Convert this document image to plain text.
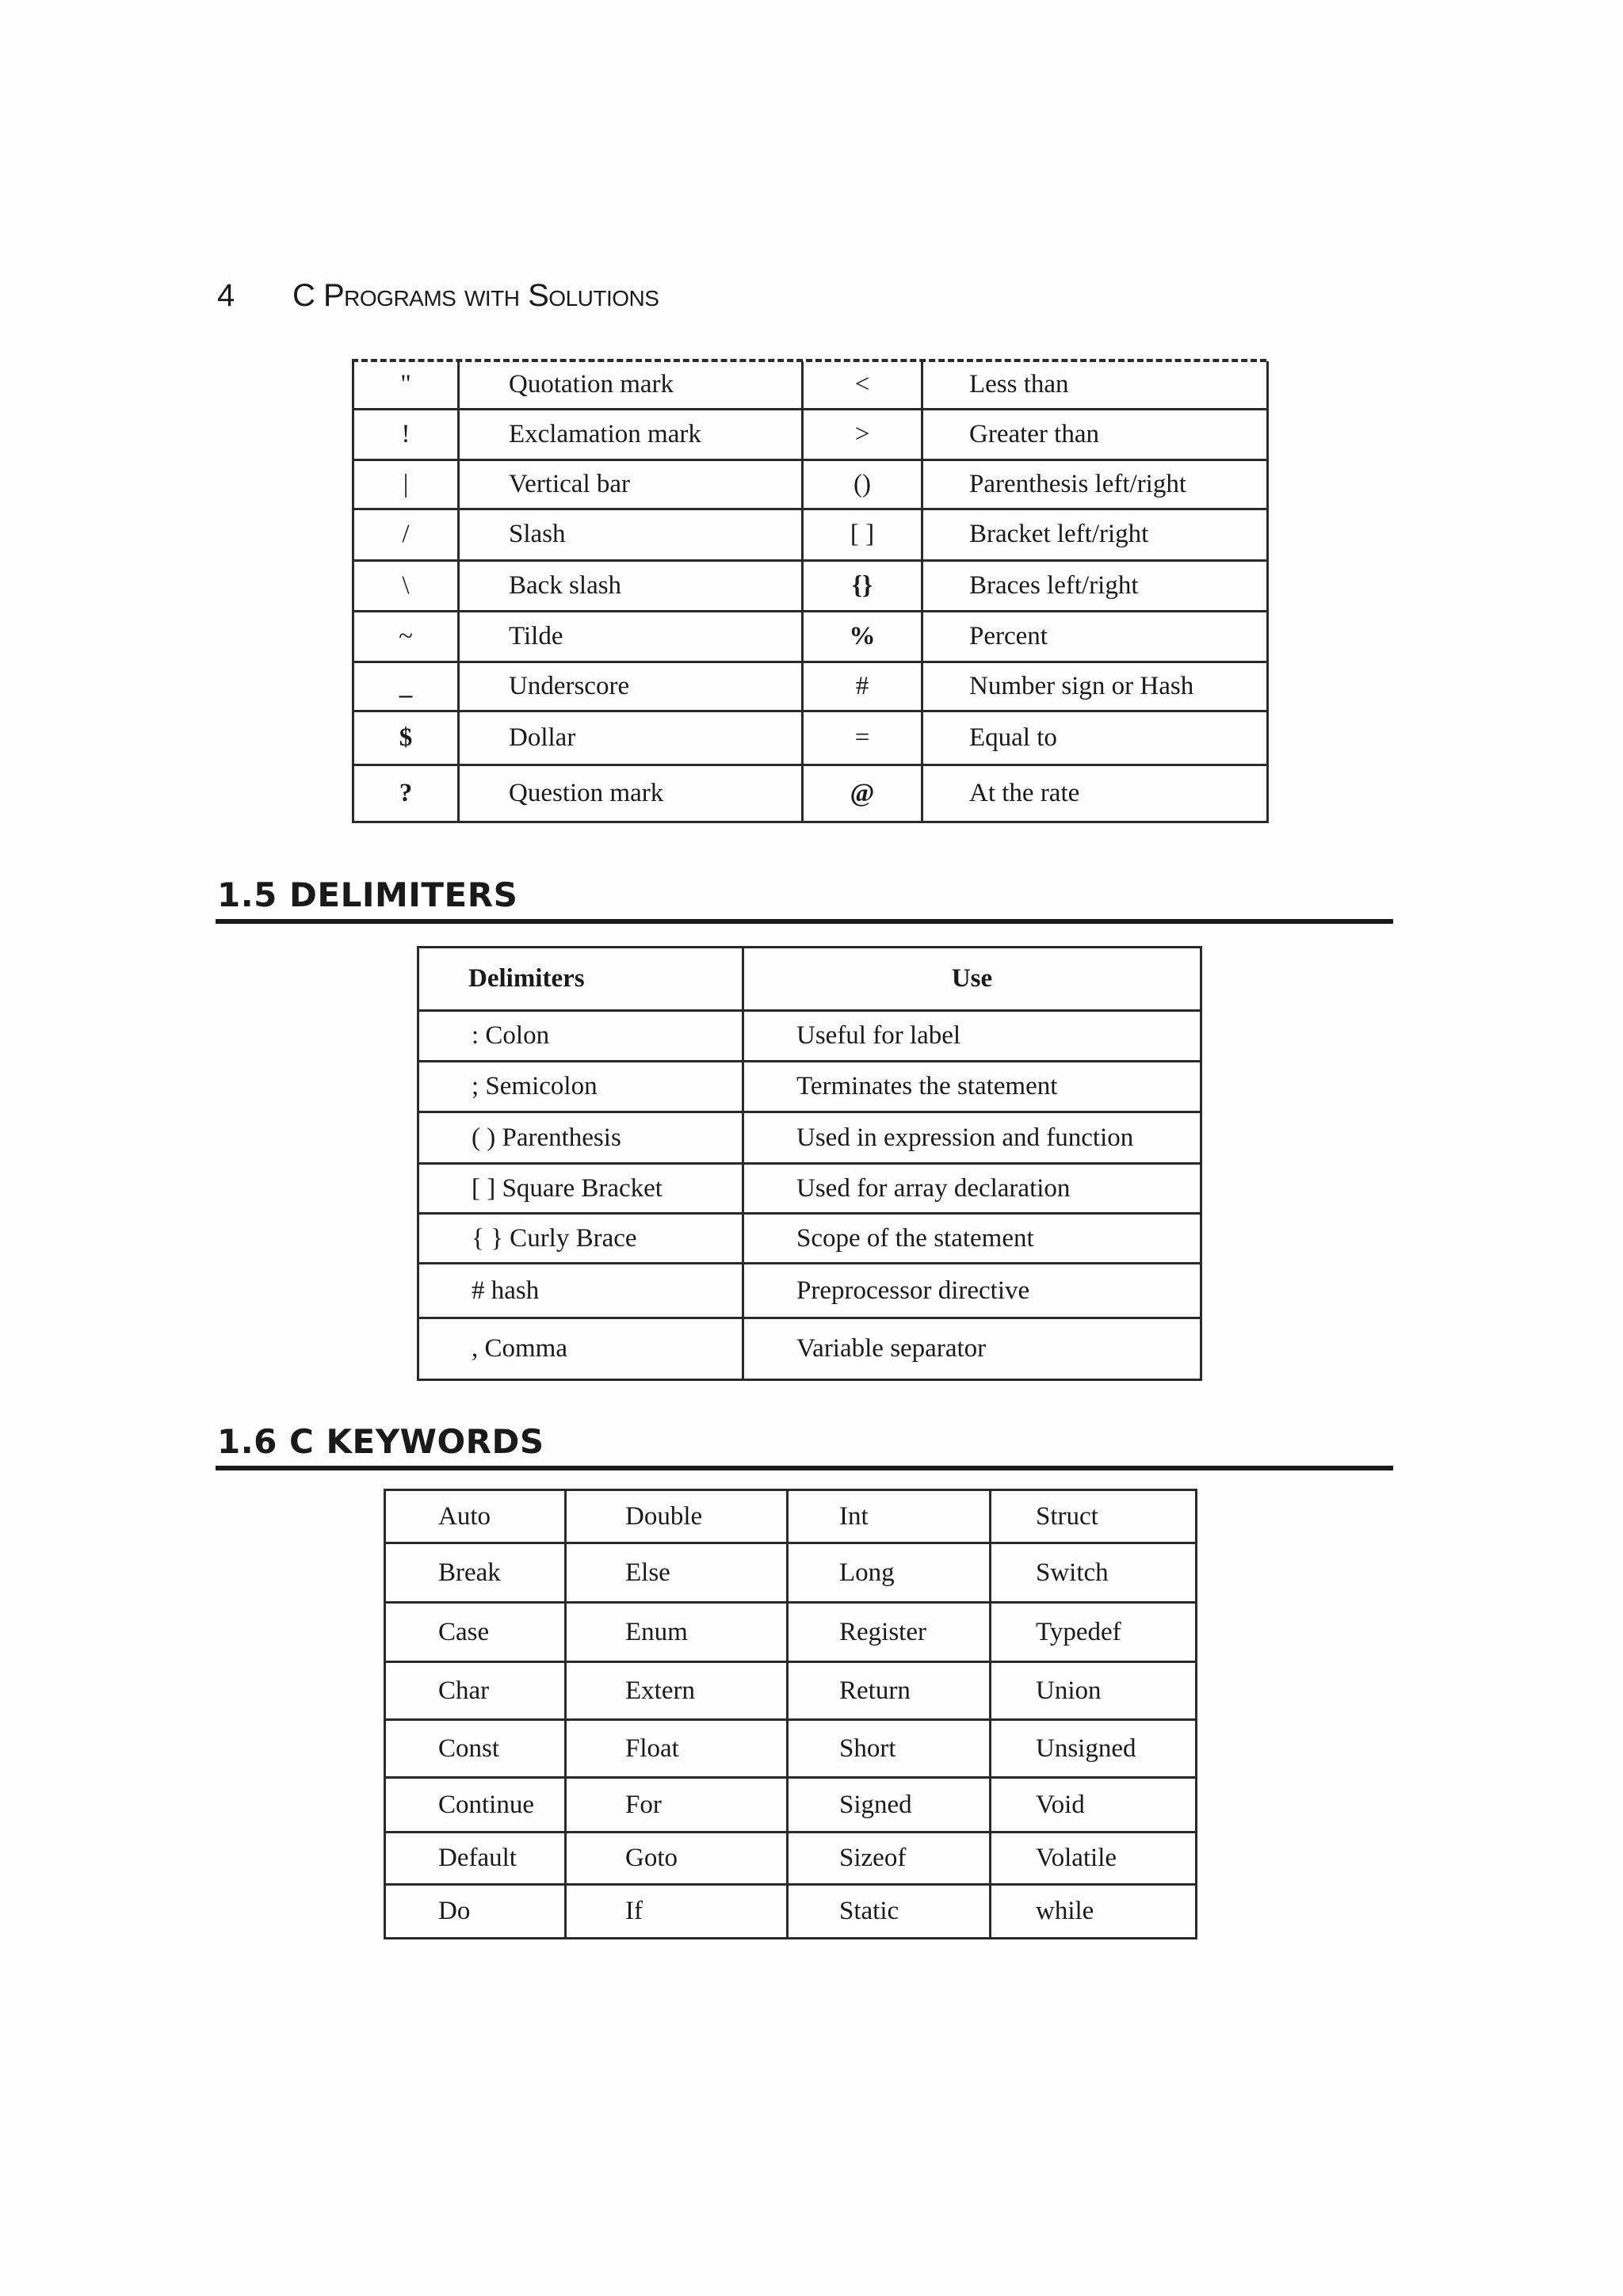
4 C Programs with Solutions
"	Quotation mark	<	Less than
!	Exclamation mark	>	Greater than
|	Vertical bar	()	Parenthesis left/right
/	Slash	[ ]	Bracket left/right
\	Back slash	{}	Braces left/right
~	Tilde	%	Percent
_	Underscore	#	Number sign or Hash
$	Dollar	=	Equal to
?	Question mark	@	At the rate
1.5 DELIMITERS
Delimiters	Use
: Colon	Useful for label
; Semicolon	Terminates the statement
( ) Parenthesis	Used in expression and function
[ ] Square Bracket	Used for array declaration
{ } Curly Brace	Scope of the statement
# hash	Preprocessor directive
, Comma	Variable separator
1.6 C KEYWORDS
Auto	Double	Int	Struct
Break	Else	Long	Switch
Case	Enum	Register	Typedef
Char	Extern	Return	Union
Const	Float	Short	Unsigned
Continue	For	Signed	Void
Default	Goto	Sizeof	Volatile
Do	If	Static	while
